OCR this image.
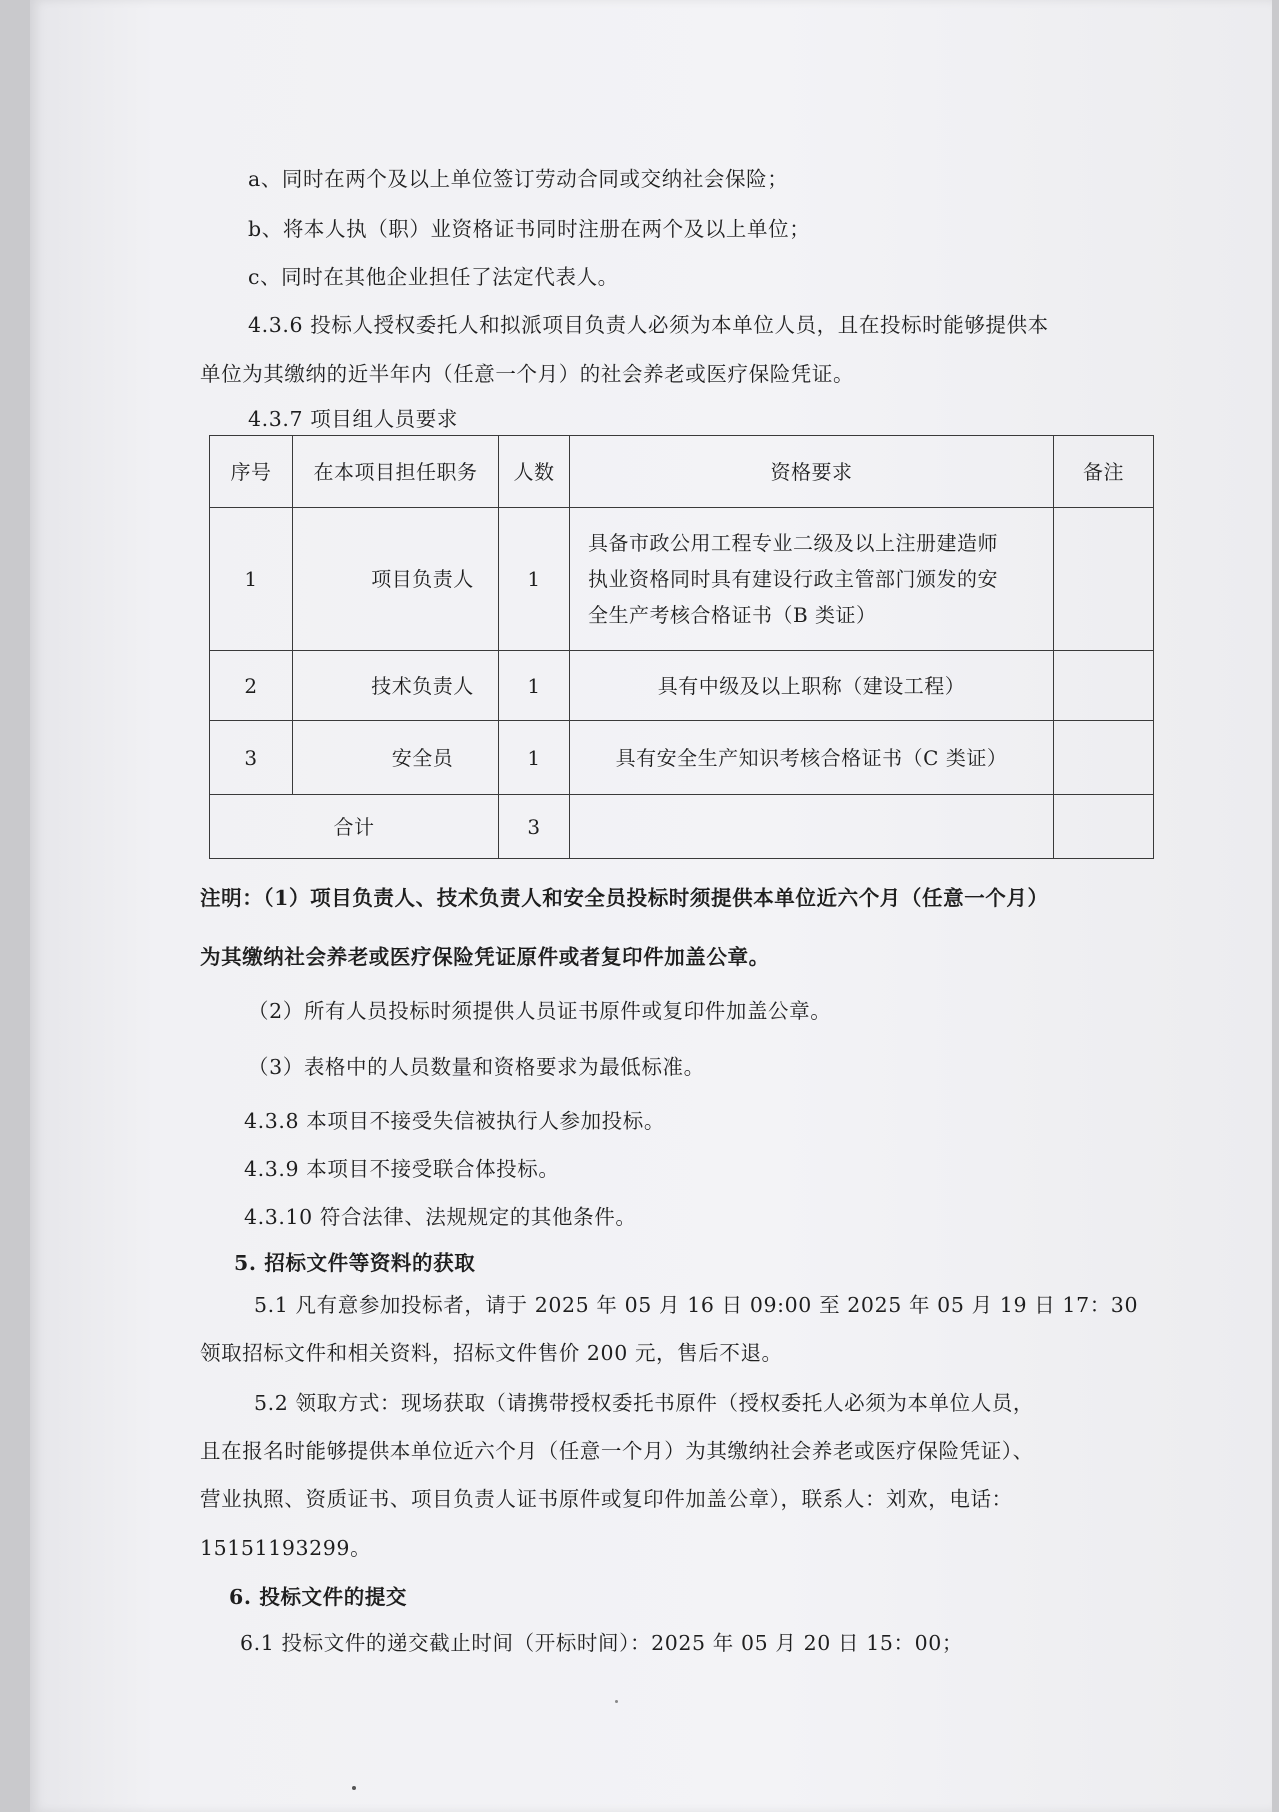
a、同时在两个及以上单位签订劳动合同或交纳社会保险；
b、将本人执（职）业资格证书同时注册在两个及以上单位；
c、同时在其他企业担任了法定代表人。
4.3.6 投标人授权委托人和拟派项目负责人必须为本单位人员，且在投标时能够提供本
单位为其缴纳的近半年内（任意一个月）的社会养老或医疗保险凭证。
4.3.7 项目组人员要求
序号	在本项目担任职务	人数	资格要求	备注
1	项目负责人	1	具备市政公用工程专业二级及以上注册建造师
执业资格同时具有建设行政主管部门颁发的安
全生产考核合格证书（B 类证）	

2	技术负责人	1	具有中级及以上职称（建设工程）	
3	安全员	1	具有安全生产知识考核合格证书（C 类证）	
合计		3		
注明：（1）项目负责人、技术负责人和安全员投标时须提供本单位近六个月（任意一个月）
为其缴纳社会养老或医疗保险凭证原件或者复印件加盖公章。
（2）所有人员投标时须提供人员证书原件或复印件加盖公章。
（3）表格中的人员数量和资格要求为最低标准。
4.3.8 本项目不接受失信被执行人参加投标。
4.3.9 本项目不接受联合体投标。
4.3.10 符合法律、法规规定的其他条件。
5. 招标文件等资料的获取
5.1 凡有意参加投标者，请于 2025 年 05 月 16 日 09:00 至 2025 年 05 月 19 日 17：30
领取招标文件和相关资料，招标文件售价 200 元，售后不退。
5.2 领取方式：现场获取（请携带授权委托书原件（授权委托人必须为本单位人员，
且在报名时能够提供本单位近六个月（任意一个月）为其缴纳社会养老或医疗保险凭证）、
营业执照、资质证书、项目负责人证书原件或复印件加盖公章），联系人：刘欢，电话：
15151193299。
6. 投标文件的提交
6.1 投标文件的递交截止时间（开标时间）：2025 年 05 月 20 日 15：00；
